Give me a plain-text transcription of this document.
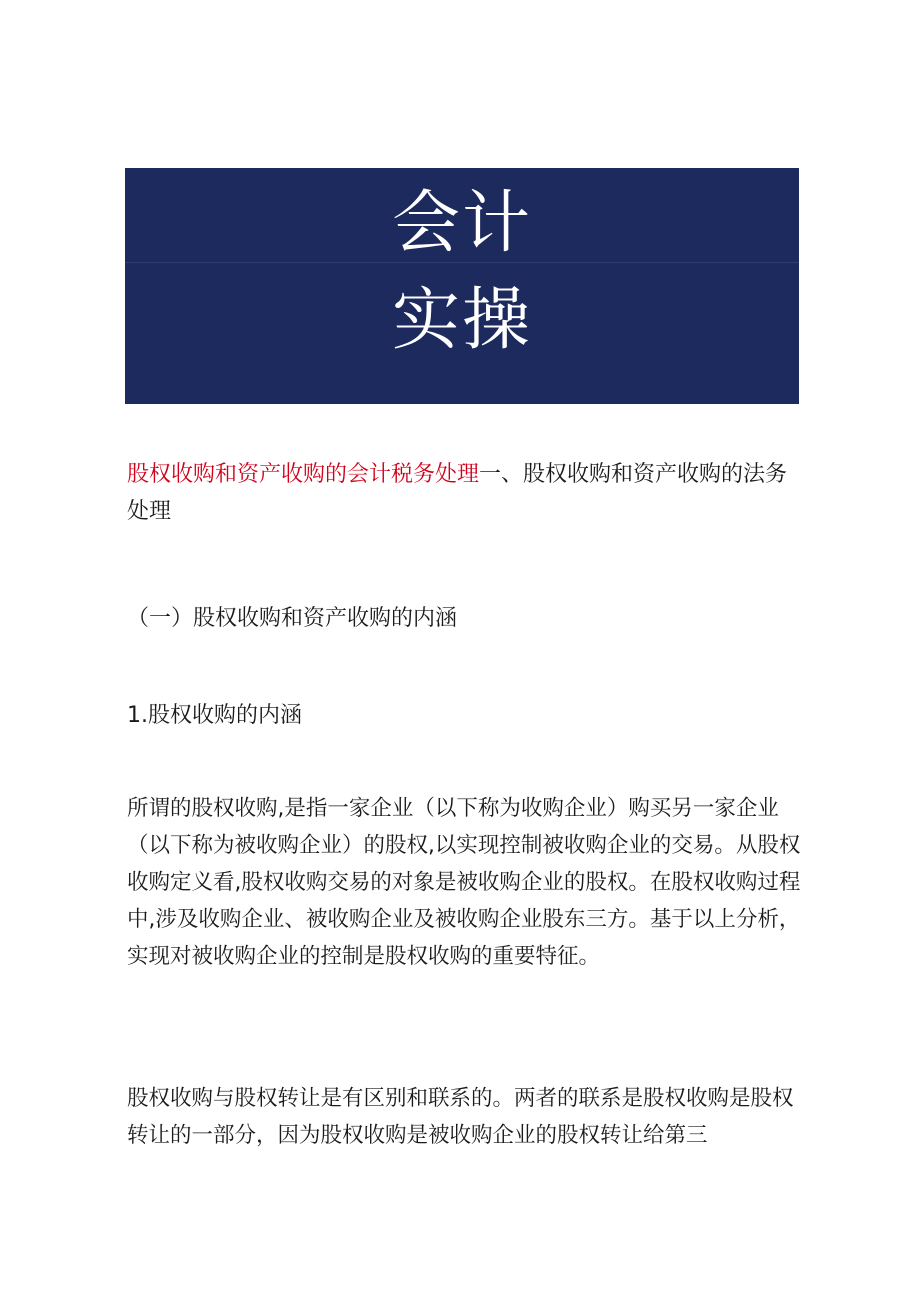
会计
实操

股权收购和资产收购的会计税务处理一、股权收购和资产收购的法务处理

（一）股权收购和资产收购的内涵

1.股权收购的内涵

所谓的股权收购,是指一家企业（以下称为收购企业）购买另一家企业（以下称为被收购企业）的股权,以实现控制被收购企业的交易。从股权收购定义看,股权收购交易的对象是被收购企业的股权。在股权收购过程中,涉及收购企业、被收购企业及被收购企业股东三方。基于以上分析，实现对被收购企业的控制是股权收购的重要特征。

股权收购与股权转让是有区别和联系的。两者的联系是股权收购是股权转让的一部分，因为股权收购是被收购企业的股权转让给第三
